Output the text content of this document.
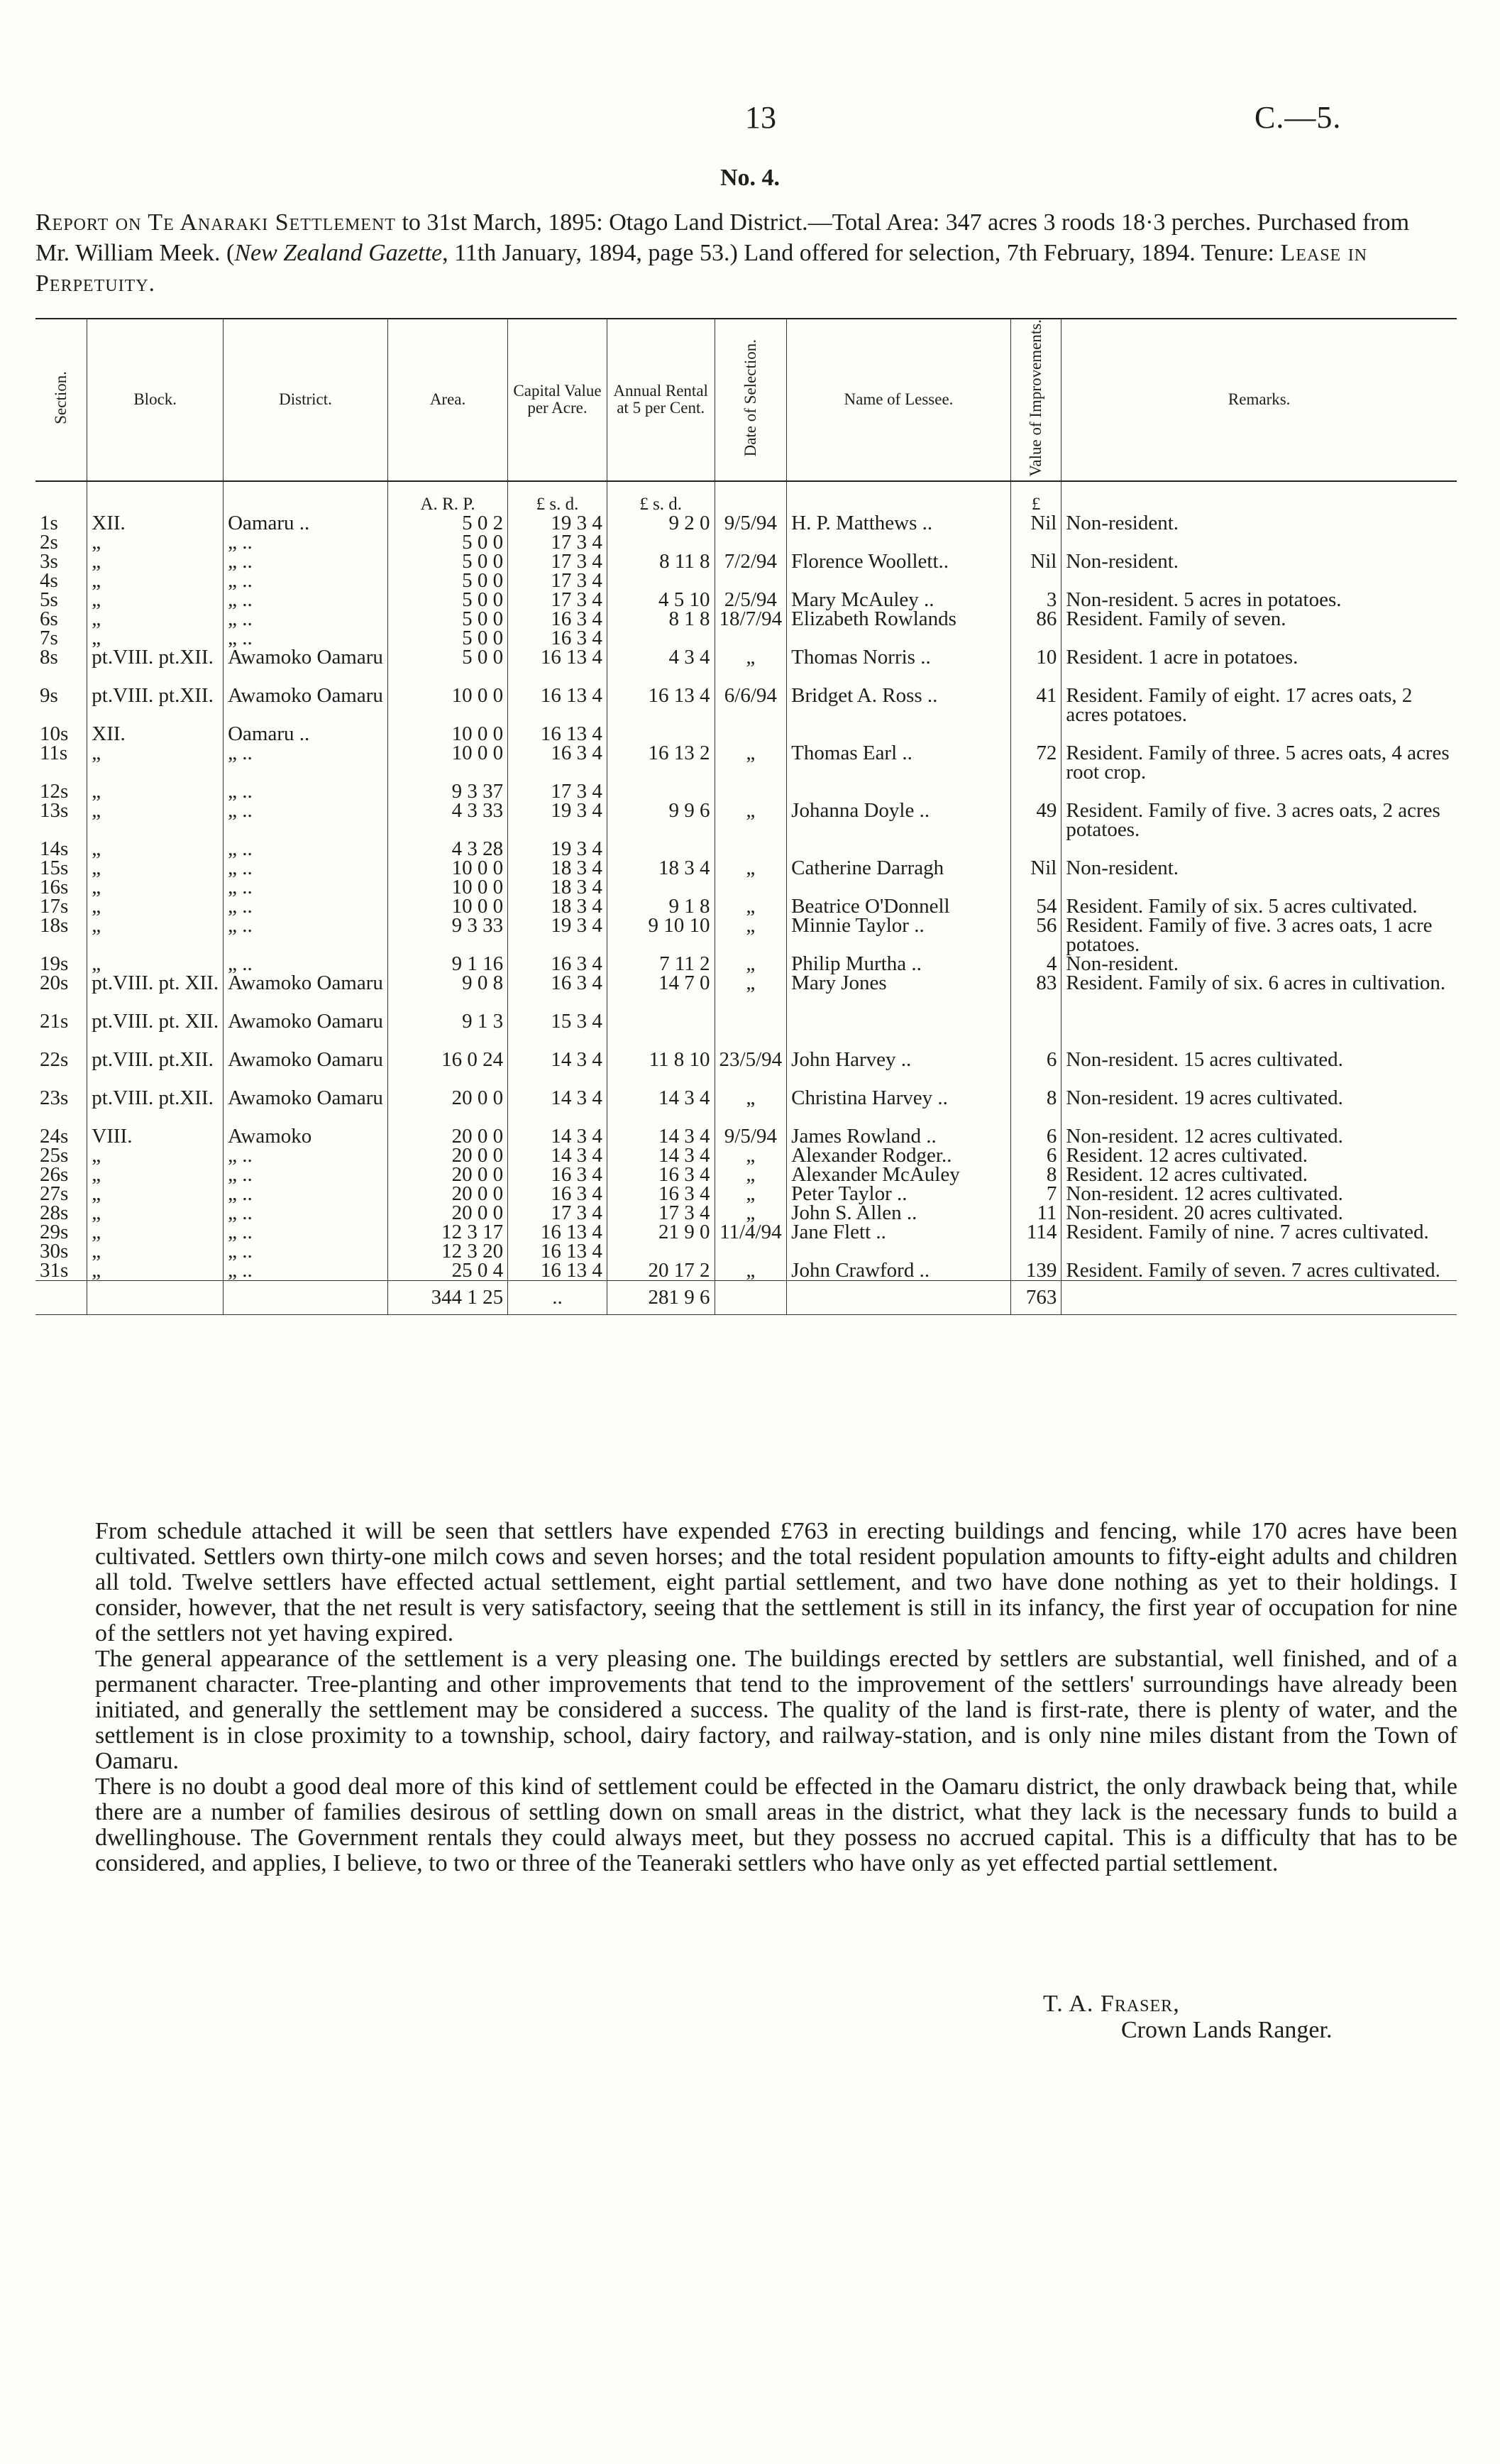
13	C.—5.
No. 4.
Report on Te Anaraki Settlement to 31st March, 1895: Otago Land District.—Total Area: 347 acres 3 roods 18·3 perches. Purchased from Mr. William Meek. (New Zealand Gazette, 11th January, 1894, page 53.) Land offered for selection, 7th February, 1894. Tenure: Lease in Perpetuity.
Section.	Block.	District.	Area.	Capital Value per Acre.	Annual Rental at 5 per Cent.	Date of Selection.	Name of Lessee.	Value of Improvements.	Remarks.
			A. R. P.	£ s. d.	£ s. d.			£	
1s	XII.	Oamaru ..	5 0 2	19 3 4	9 2 0	9/5/94	H. P. Matthews ..	Nil	Non-resident.
2s	„	„ ..	5 0 0	17 3 4					
3s	„	„ ..	5 0 0	17 3 4	8 11 8	7/2/94	Florence Woollett..	Nil	Non-resident.
4s	„	„ ..	5 0 0	17 3 4					
5s	„	„ ..	5 0 0	17 3 4	4 5 10	2/5/94	Mary McAuley ..	3	Non-resident. 5 acres in potatoes.
6s	„	„ ..	5 0 0	16 3 4	8 1 8	18/7/94	Elizabeth Rowlands	86	Resident. Family of seven.
7s	„	„ ..	5 0 0	16 3 4					
8s	pt.VIII. pt.XII.	Awamoko Oamaru	5 0 0	16 13 4	4 3 4	„	Thomas Norris ..	10	Resident. 1 acre in potatoes.
9s	pt.VIII. pt.XII.	Awamoko Oamaru	10 0 0	16 13 4	16 13 4	6/6/94	Bridget A. Ross ..	41	Resident. Family of eight. 17 acres oats, 2 acres potatoes.
10s	XII.	Oamaru ..	10 0 0	16 13 4					
11s	„	„ ..	10 0 0	16 3 4	16 13 2	„	Thomas Earl ..	72	Resident. Family of three. 5 acres oats, 4 acres root crop.
12s	„	„ ..	9 3 37	17 3 4					
13s	„	„ ..	4 3 33	19 3 4	9 9 6	„	Johanna Doyle ..	49	Resident. Family of five. 3 acres oats, 2 acres potatoes.
14s	„	„ ..	4 3 28	19 3 4					
15s	„	„ ..	10 0 0	18 3 4	18 3 4	„	Catherine Darragh	Nil	Non-resident.
16s	„	„ ..	10 0 0	18 3 4					
17s	„	„ ..	10 0 0	18 3 4	9 1 8	„	Beatrice O'Donnell	54	Resident. Family of six. 5 acres cultivated.
18s	„	„ ..	9 3 33	19 3 4	9 10 10	„	Minnie Taylor ..	56	Resident. Family of five. 3 acres oats, 1 acre potatoes.
19s	„	„ ..	9 1 16	16 3 4	7 11 2	„	Philip Murtha ..	4	Non-resident.
20s	pt.VIII. pt. XII.	Awamoko Oamaru	9 0 8	16 3 4	14 7 0	„	Mary Jones	83	Resident. Family of six. 6 acres in cultivation.
21s	pt.VIII. pt. XII.	Awamoko Oamaru	9 1 3	15 3 4					
22s	pt.VIII. pt.XII.	Awamoko Oamaru	16 0 24	14 3 4	11 8 10	23/5/94	John Harvey ..	6	Non-resident. 15 acres cultivated.
23s	pt.VIII. pt.XII.	Awamoko Oamaru	20 0 0	14 3 4	14 3 4	„	Christina Harvey ..	8	Non-resident. 19 acres cultivated.
24s	VIII.	Awamoko	20 0 0	14 3 4	14 3 4	9/5/94	James Rowland ..	6	Non-resident. 12 acres cultivated.
25s	„	„ ..	20 0 0	14 3 4	14 3 4	„	Alexander Rodger..	6	Resident. 12 acres cultivated.
26s	„	„ ..	20 0 0	16 3 4	16 3 4	„	Alexander McAuley	8	Resident. 12 acres cultivated.
27s	„	„ ..	20 0 0	16 3 4	16 3 4	„	Peter Taylor ..	7	Non-resident. 12 acres cultivated.
28s	„	„ ..	20 0 0	17 3 4	17 3 4	„	John S. Allen ..	11	Non-resident. 20 acres cultivated.
29s	„	„ ..	12 3 17	16 13 4	21 9 0	11/4/94	Jane Flett ..	114	Resident. Family of nine. 7 acres cultivated.
30s	„	„ ..	12 3 20	16 13 4					
31s	„	„ ..	25 0 4	16 13 4	20 17 2	„	John Crawford ..	139	Resident. Family of seven. 7 acres cultivated.
			344 1 25	..	281 9 6			763	

From schedule attached it will be seen that settlers have expended £763 in erecting buildings and fencing, while 170 acres have been cultivated. Settlers own thirty-one milch cows and seven horses; and the total resident population amounts to fifty-eight adults and children all told. Twelve settlers have effected actual settlement, eight partial settlement, and two have done nothing as yet to their holdings. I consider, however, that the net result is very satisfactory, seeing that the settlement is still in its infancy, the first year of occupation for nine of the settlers not yet having expired.

The general appearance of the settlement is a very pleasing one. The buildings erected by settlers are substantial, well finished, and of a permanent character. Tree-planting and other improvements that tend to the improvement of the settlers' surroundings have already been initiated, and generally the settlement may be considered a success. The quality of the land is first-rate, there is plenty of water, and the settlement is in close proximity to a township, school, dairy factory, and railway-station, and is only nine miles distant from the Town of Oamaru.

There is no doubt a good deal more of this kind of settlement could be effected in the Oamaru district, the only drawback being that, while there are a number of families desirous of settling down on small areas in the district, what they lack is the necessary funds to build a dwellinghouse. The Government rentals they could always meet, but they possess no accrued capital. This is a difficulty that has to be considered, and applies, I believe, to two or three of the Teaneraki settlers who have only as yet effected partial settlement.

T. A. Fraser,
Crown Lands Ranger.
